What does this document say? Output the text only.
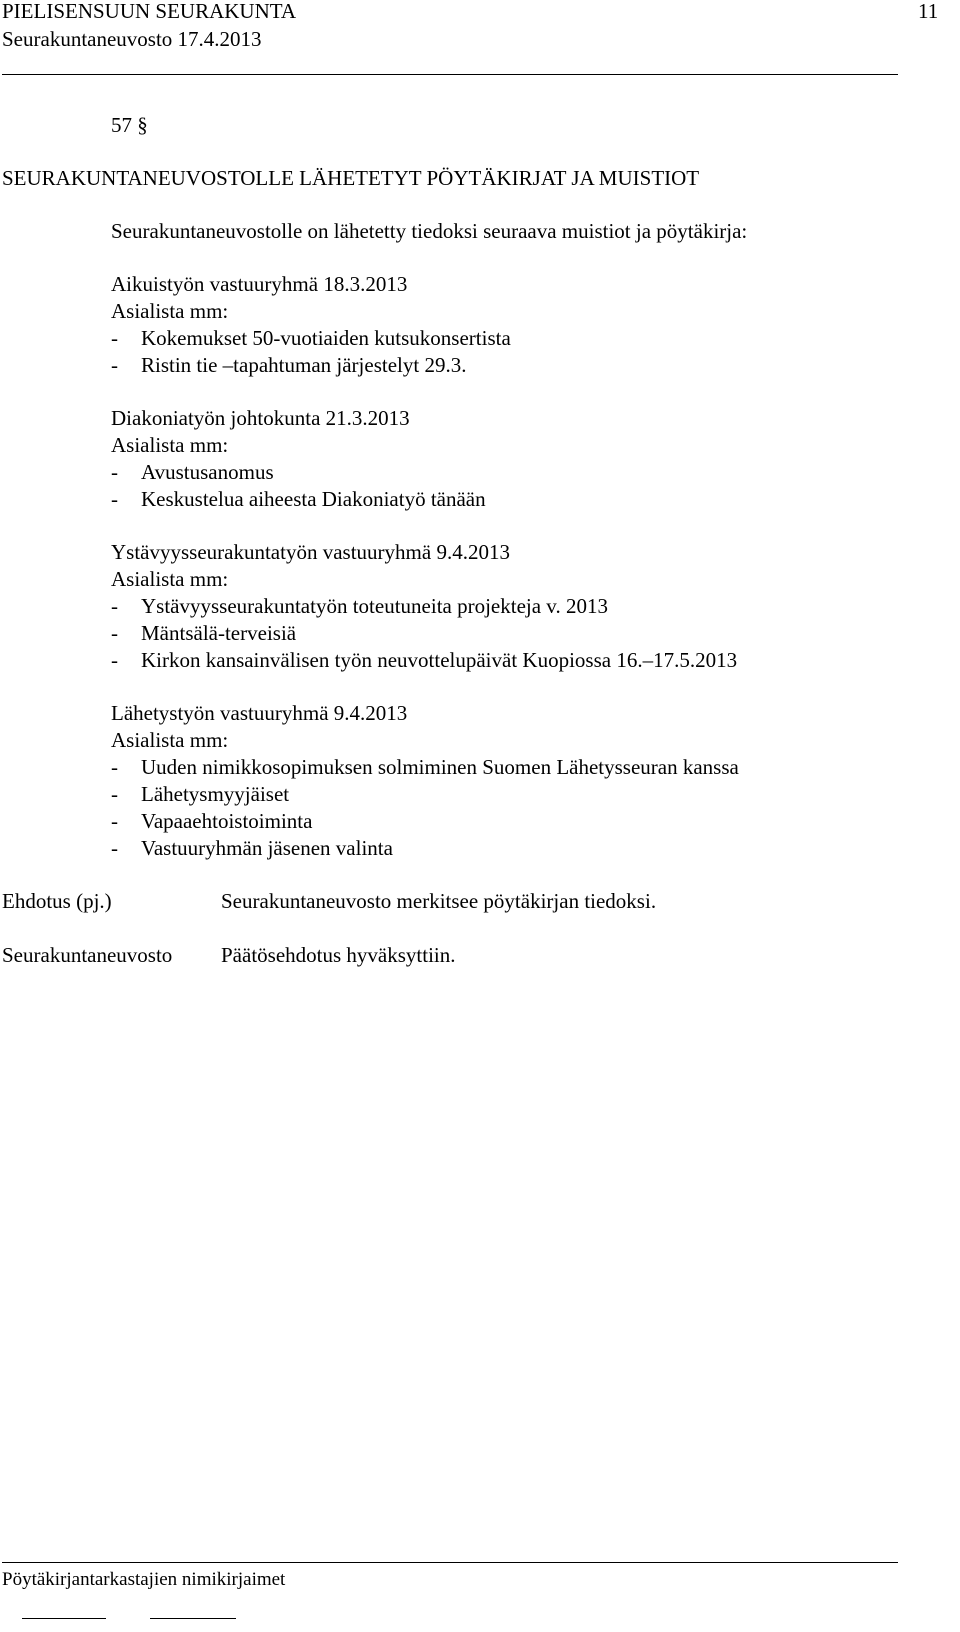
PIELISENSUUN SEURAKUNTA
Seurakuntaneuvosto 17.4.2013
11
57 §
SEURAKUNTANEUVOSTOLLE LÄHETETYT PÖYTÄKIRJAT JA MUISTIOT
Seurakuntaneuvostolle on lähetetty tiedoksi seuraava muistiot ja pöytäkirja:
Aikuistyön vastuuryhmä 18.3.2013
Asialista mm:
- Kokemukset 50-vuotiaiden kutsukonsertista
- Ristin tie –tapahtuman järjestelyt 29.3.
Diakoniatyön johtokunta 21.3.2013
Asialista mm:
- Avustusanomus
- Keskustelua aiheesta Diakoniatyö tänään
Ystävyysseurakuntatyön vastuuryhmä 9.4.2013
Asialista mm:
- Ystävyysseurakuntatyön toteutuneita projekteja v. 2013
- Mäntsälä-terveisiä
- Kirkon kansainvälisen työn neuvottelupäivät Kuopiossa 16.–17.5.2013
Lähetystyön vastuuryhmä 9.4.2013
Asialista mm:
- Uuden nimikkosopimuksen solmiminen Suomen Lähetysseuran kanssa
- Lähetysmyyjäiset
- Vapaaehtoistoiminta
- Vastuuryhmän jäsenen valinta
Ehdotus (pj.)	Seurakuntaneuvosto merkitsee pöytäkirjan tiedoksi.
Seurakuntaneuvosto Päätösehdotus hyväksyttiin.
Pöytäkirjantarkastajien nimikirjaimet
